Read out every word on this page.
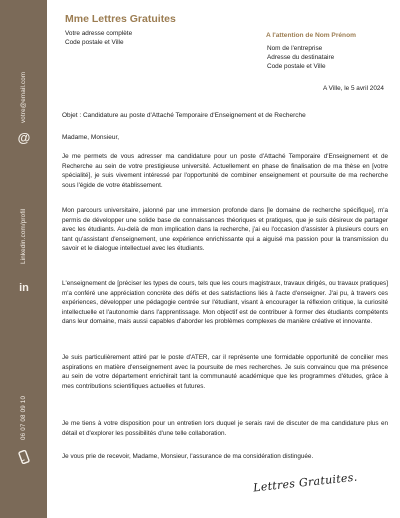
@
votre@email.com
in
Linkedin.com/profil
06 07 08 09 10
Mme Lettres Gratuites
Votre adresse complète
Code postale et Ville
A l'attention de Nom Prénom
Nom de l'entreprise
Adresse du destinataire
Code postale et Ville
A Ville, le 5 avril 2024
Objet : Candidature au poste d'Attaché Temporaire d'Enseignement et de Recherche
Madame, Monsieur,
Je me permets de vous adresser ma candidature pour un poste d'Attaché Temporaire d'Enseignement et de Recherche au sein de votre prestigieuse université. Actuellement en phase de finalisation de ma thèse en [votre spécialité], je suis vivement intéressé par l'opportunité de combiner enseignement et poursuite de ma recherche sous l'égide de votre établissement.
Mon parcours universitaire, jalonné par une immersion profonde dans [le domaine de recherche spécifique], m'a permis de développer une solide base de connaissances théoriques et pratiques, que je suis désireux de partager avec les étudiants. Au-delà de mon implication dans la recherche, j'ai eu l'occasion d'assister à plusieurs cours en tant qu'assistant d'enseignement, une expérience enrichissante qui a aiguisé ma passion pour la transmission du savoir et le dialogue intellectuel avec les étudiants.
L'enseignement de [préciser les types de cours, tels que les cours magistraux, travaux dirigés, ou travaux pratiques] m'a conféré une appréciation concrète des défis et des satisfactions liés à l'acte d'enseigner. J'ai pu, à travers ces expériences, développer une pédagogie centrée sur l'étudiant, visant à encourager la réflexion critique, la curiosité intellectuelle et l'autonomie dans l'apprentissage. Mon objectif est de contribuer à former des étudiants compétents dans leur domaine, mais aussi capables d'aborder les problèmes complexes de manière créative et innovante.
Je suis particulièrement attiré par le poste d'ATER, car il représente une formidable opportunité de concilier mes aspirations en matière d'enseignement avec la poursuite de mes recherches. Je suis convaincu que ma présence au sein de votre département enrichirait tant la communauté académique que les programmes d'études, grâce à mes contributions scientifiques actuelles et futures.
Je me tiens à votre disposition pour un entretien lors duquel je serais ravi de discuter de ma candidature plus en détail et d'explorer les possibilités d'une telle collaboration.
Je vous prie de recevoir, Madame, Monsieur, l'assurance de ma considération distinguée.
Lettres Gratuites.
